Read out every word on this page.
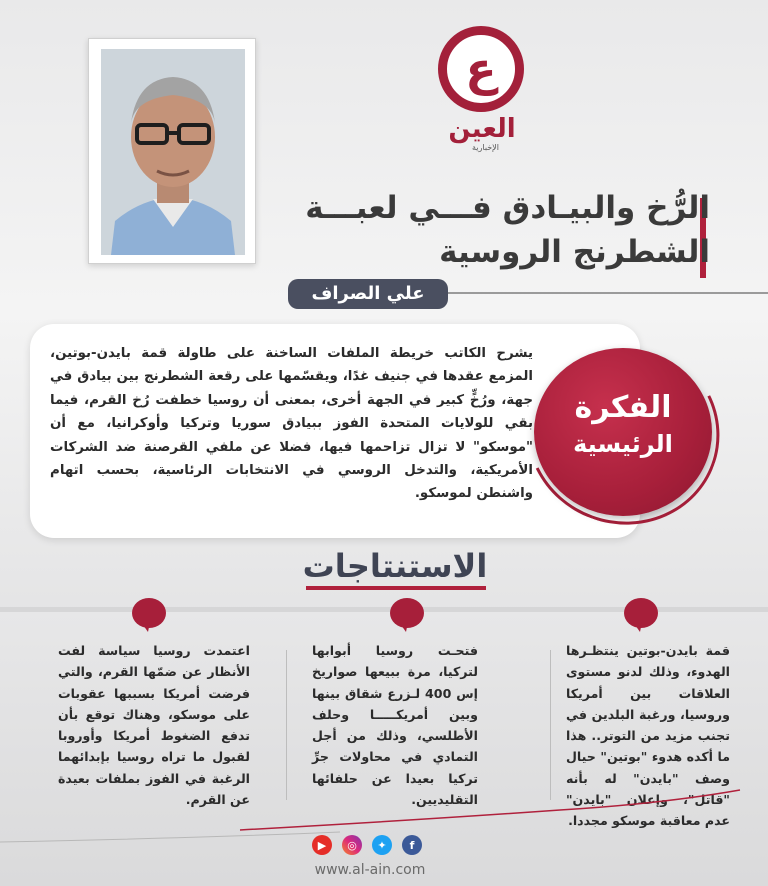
ع
العين
الإخبارية
الرُّخ والبيـادق فـــي لعبـــة
الشطرنج الروسية
علي الصراف
يشرح الكاتب خريطة الملفات الساخنة على طاولة قمة بايدن-بوتين، المزمع عقدها في جنيف غدًا، ويقسّمها على رقعة الشطرنج بين بيادق في جهة، ورُخٍّ كبير في الجهة أخرى، بمعنى أن روسيا خطفت رُخ القرم، فيما بقي للولايات المتحدة الفوز ببيادق سوريا وتركيا وأوكرانيا، مع أن "موسكو" لا تزال تزاحمها فيها، فضلا عن ملفي القرصنة ضد الشركات الأمريكية، والتدخل الروسي في الانتخابات الرئاسية، بحسب اتهام واشنطن لموسكو.
الفكرة
الرئيسية
الاستنتاجات
قمة بايدن-بوتين ينتظـرها الهدوء، وذلك لدنو مستوى العلاقات بين أمريكا وروسيا، ورغبة البلدين في تجنب مزيد من التوتر.. هذا ما أكده هدوء "بوتين" حيال وصف "بايدن" له بأنه "قاتل"، وإعلان "بايدن" عدم معاقبة موسكو مجددا.
فتحـت روسيا أبوابها لتركيا، مرة ببيعها صواريخ إس 400 لـزرع شقاق بينها وبين أمريكـــــا وحلف الأطلسي، وذلك من أجل التمادي في محاولات جرِّ تركيا بعيدا عن حلفائها التقليديين.
اعتمدت روسيا سياسة لفت الأنظار عن ضمّها القرم، والتي فرضت أمريكا بسببها عقوبات على موسكو، وهناك توقع بأن تدفع الضغوط أمريكا وأوروبا لقبول ما تراه روسيا بإبدائهما الرغبة في الفوز بملفات بعيدة عن القرم.
▶	◎	✦	f
www.al-ain.com
